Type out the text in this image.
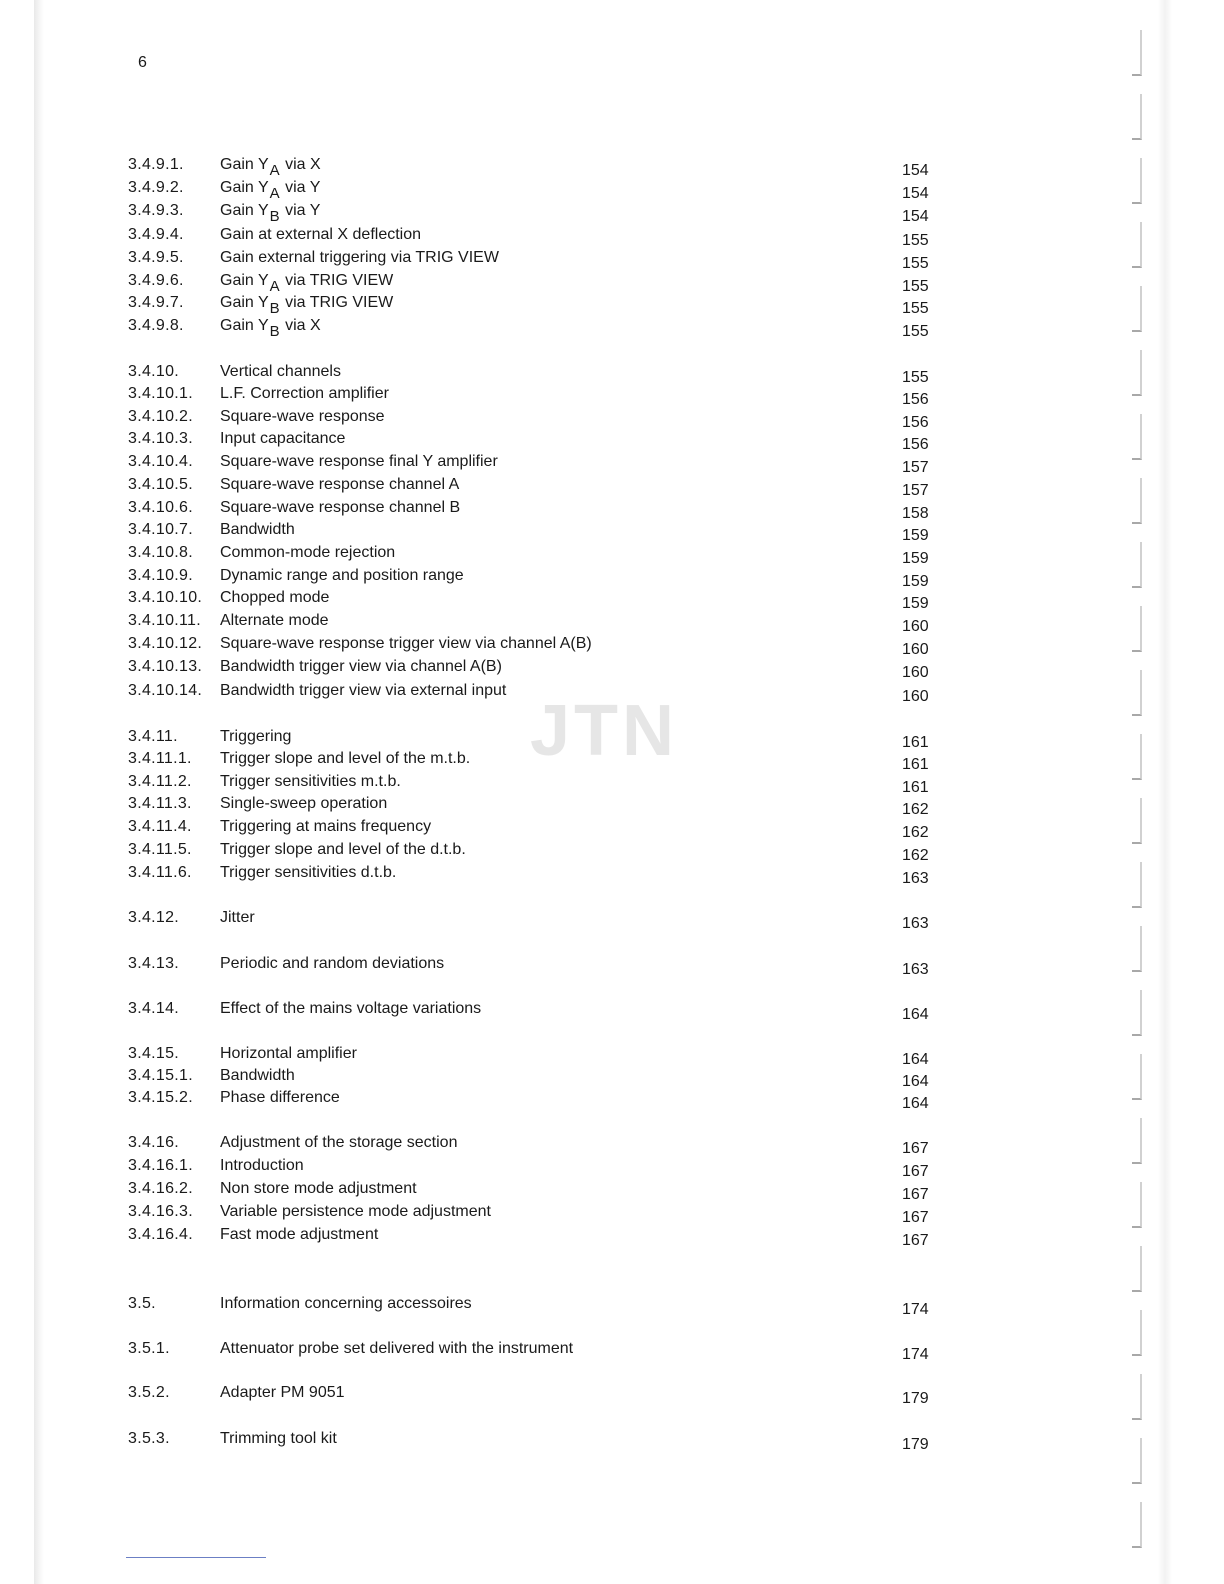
6
JTN
3.4.9.1. Gain YA via X	154
3.4.9.2. Gain YA via Y	154
3.4.9.3. Gain YB via Y	154
3.4.9.4. Gain at external X deflection	155
3.4.9.5. Gain external triggering via TRIG VIEW	155
3.4.9.6. Gain YA via TRIG VIEW	155
3.4.9.7. Gain YB via TRIG VIEW	155
3.4.9.8. Gain YB via X	155
3.4.10.	Vertical channels	155
3.4.10.1. L.F. Correction amplifier	156
3.4.10.2. Square-wave response	156
3.4.10.3. Input capacitance	156
3.4.10.4. Square-wave response final Y amplifier	157
3.4.10.5. Square-wave response channel A	157
3.4.10.6. Square-wave response channel B	158
3.4.10.7. Bandwidth	159
3.4.10.8. Common-mode rejection	159
3.4.10.9. Dynamic range and position range	159
3.4.10.10. Chopped mode	159
3.4.10.11. Alternate mode	160
3.4.10.12. Square-wave response trigger view via channel A(B)	160
3.4.10.13. Bandwidth trigger view via channel A(B)	160
3.4.10.14. Bandwidth trigger view via external input	160
3.4.11.	Triggering	161
3.4.11.1. Trigger slope and level of the m.t.b.	161
3.4.11.2. Trigger sensitivities m.t.b.	161
3.4.11.3. Single-sweep operation	162
3.4.11.4. Triggering at mains frequency	162
3.4.11.5. Trigger slope and level of the d.t.b.	162
3.4.11.6. Trigger sensitivities d.t.b.	163
3.4.12.	Jitter	163
3.4.13.	Periodic and random deviations	163
3.4.14.	Effect of the mains voltage variations	164
3.4.15.	Horizontal amplifier	164
3.4.15.1. Bandwidth	164
3.4.15.2. Phase difference	164
3.4.16.	Adjustment of the storage section	167
3.4.16.1. Introduction	167
3.4.16.2. Non store mode adjustment	167
3.4.16.3. Variable persistence mode adjustment	167
3.4.16.4. Fast mode adjustment	167
3.5.	Information concerning accessoires	174
3.5.1.	Attenuator probe set delivered with the instrument	174
3.5.2.	Adapter PM 9051	179
3.5.3.	Trimming tool kit	179
